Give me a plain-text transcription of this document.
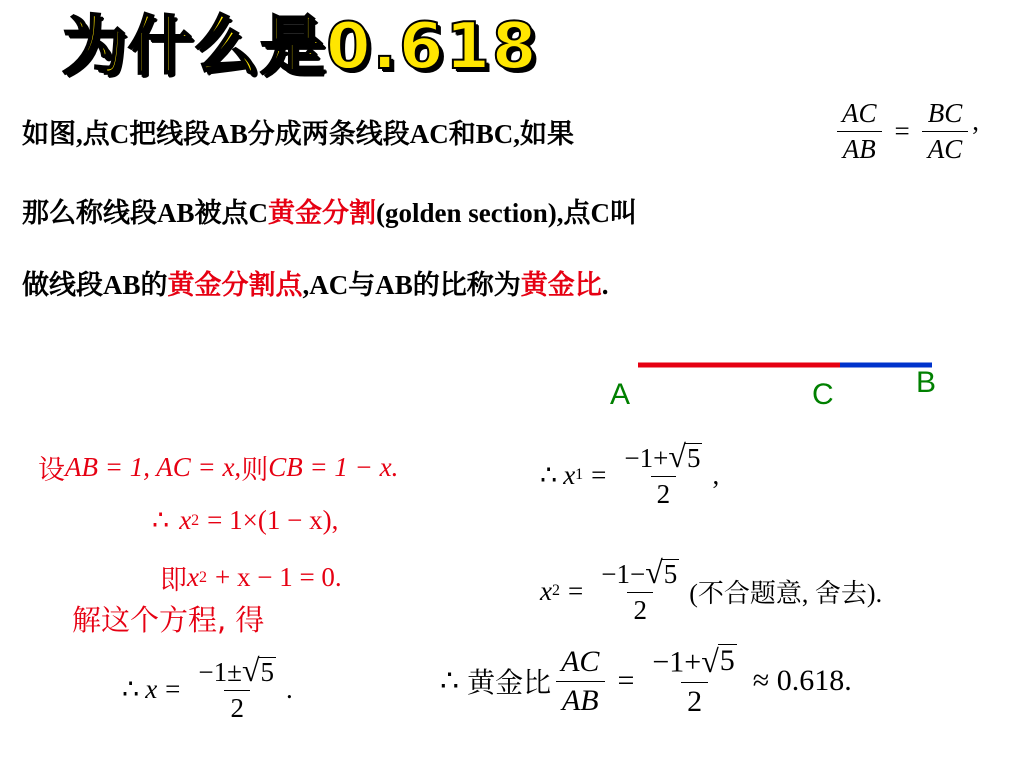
为什么是0.618
如图,点C把线段AB分成两条线段AC和BC,如果	$\frac{AC}{AB} = \frac{BC}{AC}$ ,
那么称线段AB被点C黄金分割(golden section),点C叫
做线段AB的黄金分割点,AC与AB的比称为黄金比.
A	C	B
设 AB = 1, AC = x, 则 CB = 1 − x.
∴ x 2 = 1×(1 − x),
即 x 2 + x − 1 = 0.
解这个方程, 得
∴ $x = \frac{-1\pm √ 5}{2}$ .
∴ x $1 = \frac{-1+ √ 5}{2}$ ,
x $2 = \frac{-1- √ 5}{2}$ (不合题意, 舍去).
∴ 黄金比 $\frac{AC}{AB} = \frac{-1+ √ 5}{2} \approx 0.618$.
